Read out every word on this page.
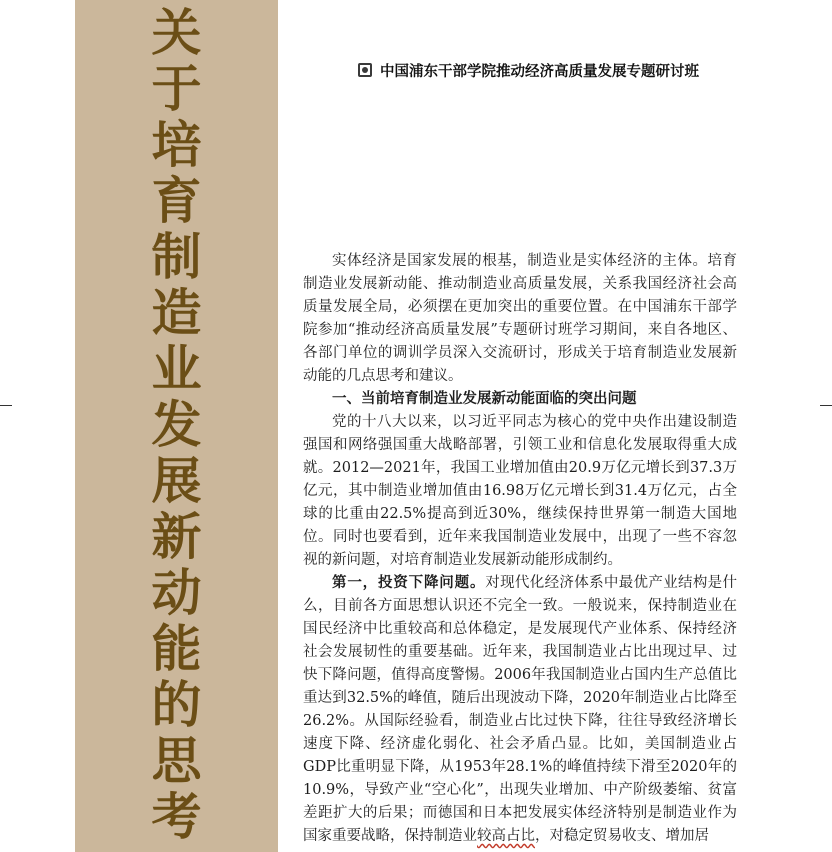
关
于
培
育
制
造
业
发
展
新
动
能
的
思
考
中国浦东干部学院推动经济高质量发展专题研讨班

实体经济是国家发展的根基，制造业是实体经济的主体。培育制造业发展新动能、推动制造业高质量发展，关系我国经济社会高质量发展全局，必须摆在更加突出的重要位置。在中国浦东干部学院参加“推动经济高质量发展”专题研讨班学习期间，来自各地区、各部门单位的调训学员深入交流研讨，形成关于培育制造业发展新动能的几点思考和建议。

一、当前培育制造业发展新动能面临的突出问题

党的十八大以来，以习近平同志为核心的党中央作出建设制造强国和网络强国重大战略部署，引领工业和信息化发展取得重大成就。2012—2021年，我国工业增加值由20.9万亿元增长到37.3万亿元，其中制造业增加值由16.98万亿元增长到31.4万亿元，占全球的比重由22.5%提高到近30%，继续保持世界第一制造大国地位。同时也要看到，近年来我国制造业发展中，出现了一些不容忽视的新问题，对培育制造业发展新动能形成制约。

第一，投资下降问题。对现代化经济体系中最优产业结构是什么，目前各方面思想认识还不完全一致。一般说来，保持制造业在国民经济中比重较高和总体稳定，是发展现代产业体系、保持经济社会发展韧性的重要基础。近年来，我国制造业占比出现过早、过快下降问题，值得高度警惕。2006年我国制造业占国内生产总值比重达到32.5%的峰值，随后出现波动下降，2020年制造业占比降至26.2%。从国际经验看，制造业占比过快下降，往往导致经济增长速度下降、经济虚化弱化、社会矛盾凸显。比如，美国制造业占GDP比重明显下降，从1953年28.1%的峰值持续下滑至2020年的10.9%，导致产业“空心化”，出现失业增加、中产阶级萎缩、贫富差距扩大的后果；而德国和日本把发展实体经济特别是制造业作为国家重要战略，保持制造业较高占比，对稳定贸易收支、增加居
